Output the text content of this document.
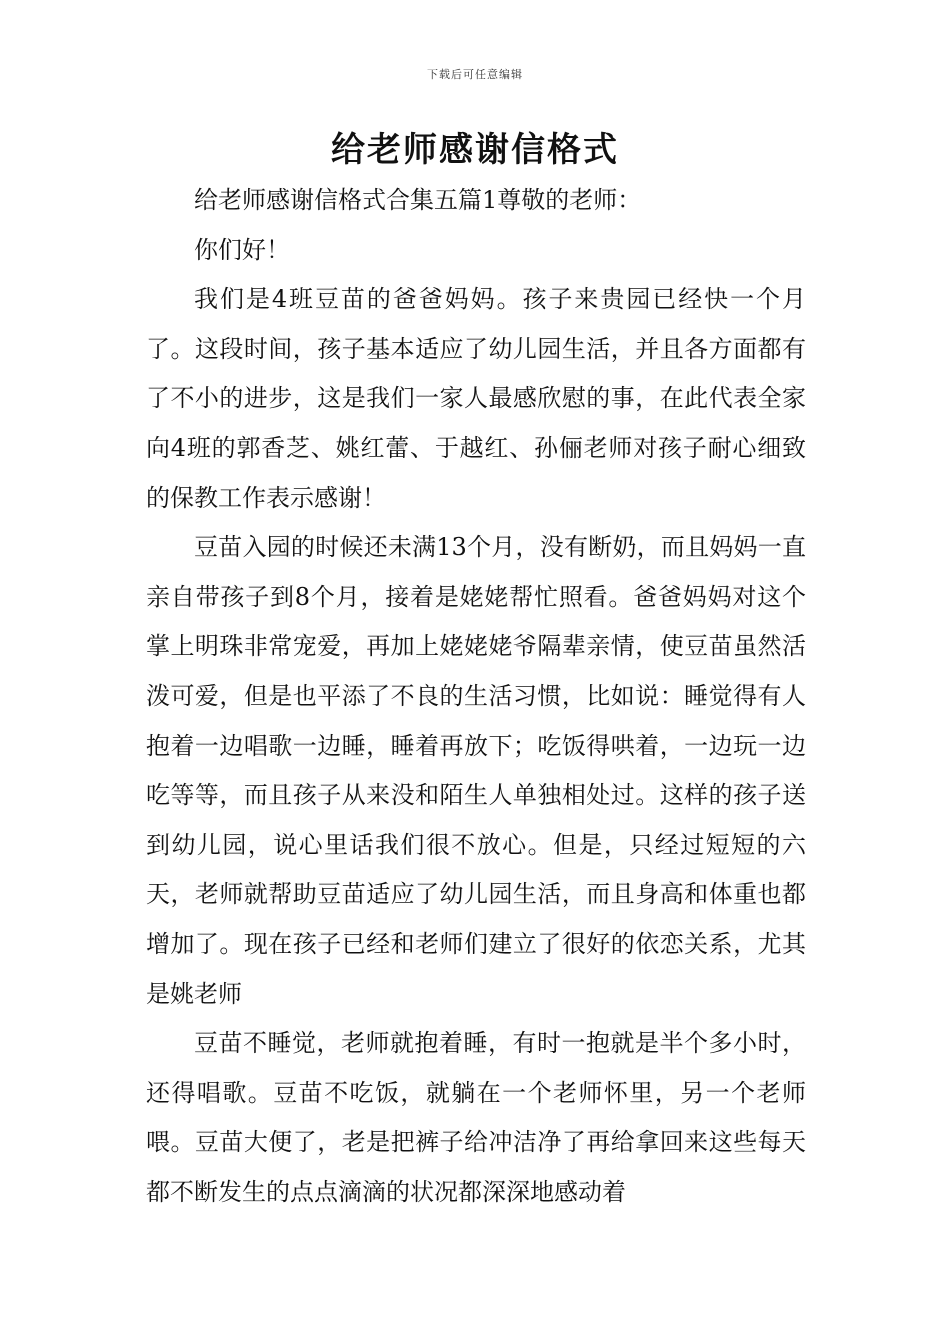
下载后可任意编辑
给老师感谢信格式

给老师感谢信格式合集五篇1尊敬的老师：

你们好！

我们是4班豆苗的爸爸妈妈。孩子来贵园已经快一个月了。这段时间，孩子基本适应了幼儿园生活，并且各方面都有了不小的进步，这是我们一家人最感欣慰的事，在此代表全家向4班的郭香芝、姚红蕾、于越红、孙俪老师对孩子耐心细致的保教工作表示感谢！

豆苗入园的时候还未满13个月，没有断奶，而且妈妈一直亲自带孩子到8个月，接着是姥姥帮忙照看。爸爸妈妈对这个掌上明珠非常宠爱，再加上姥姥姥爷隔辈亲情，使豆苗虽然活泼可爱，但是也平添了不良的生活习惯，比如说：睡觉得有人抱着一边唱歌一边睡，睡着再放下；吃饭得哄着，一边玩一边吃等等，而且孩子从来没和陌生人单独相处过。这样的孩子送到幼儿园，说心里话我们很不放心。但是，只经过短短的六天，老师就帮助豆苗适应了幼儿园生活，而且身高和体重也都增加了。现在孩子已经和老师们建立了很好的依恋关系，尤其是姚老师

豆苗不睡觉，老师就抱着睡，有时一抱就是半个多小时，还得唱歌。豆苗不吃饭，就躺在一个老师怀里，另一个老师喂。豆苗大便了，老是把裤子给冲洁净了再给拿回来这些每天都不断发生的点点滴滴的状况都深深地感动着
